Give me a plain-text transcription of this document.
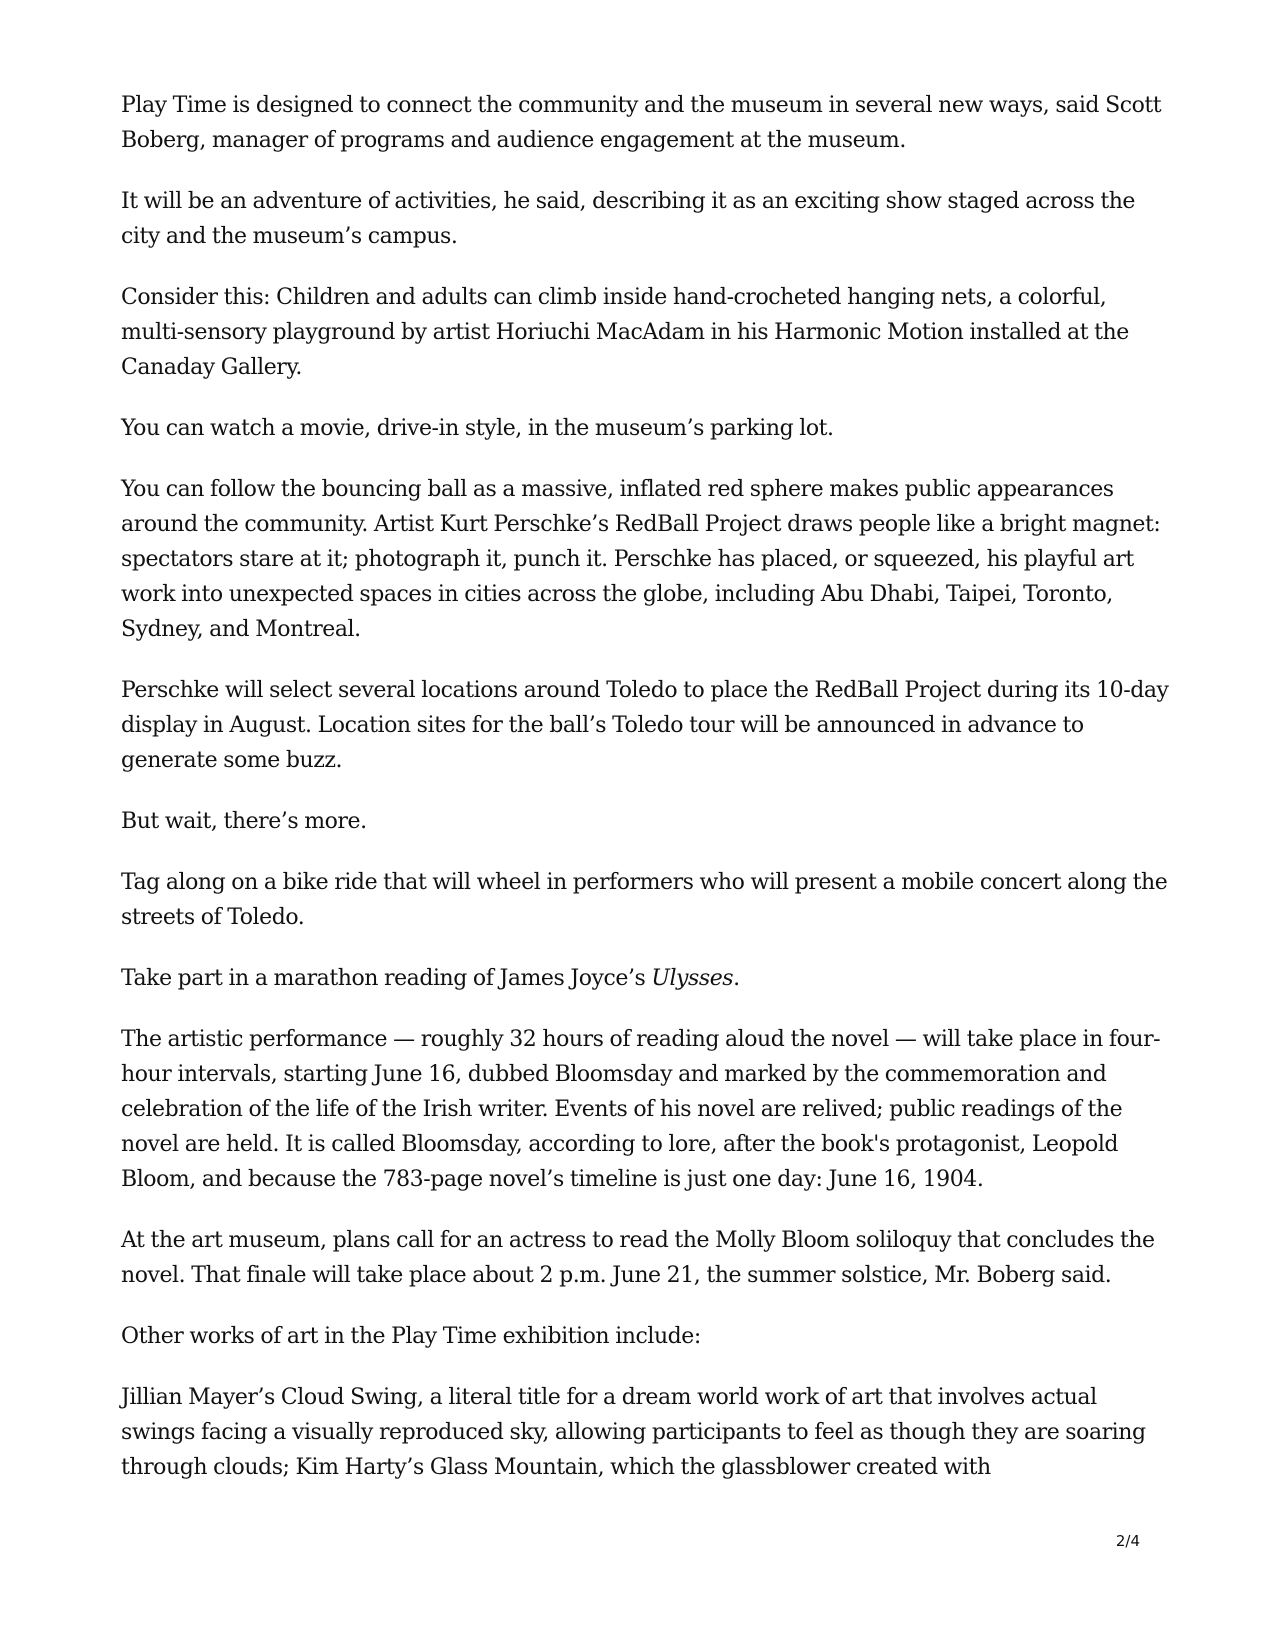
Play Time is designed to connect the community and the museum in several new ways, said Scott Boberg, manager of programs and audience engagement at the museum.

It will be an adventure of activities, he said, describing it as an exciting show staged across the city and the museum’s campus.

Consider this: Children and adults can climb inside hand-crocheted hanging nets, a colorful, multi-sensory playground by artist Horiuchi MacAdam in his Harmonic Motion installed at the Canaday Gallery.

You can watch a movie, drive-in style, in the museum’s parking lot.

You can follow the bouncing ball as a massive, inflated red sphere makes public appearances around the community. Artist Kurt Perschke’s RedBall Project draws people like a bright magnet: spectators stare at it; photograph it, punch it. Perschke has placed, or squeezed, his playful art work into unexpected spaces in cities across the globe, including Abu Dhabi, Taipei, Toronto, Sydney, and Montreal.

Perschke will select several locations around Toledo to place the RedBall Project during its 10-day display in August. Location sites for the ball’s Toledo tour will be announced in advance to generate some buzz.

But wait, there’s more.

Tag along on a bike ride that will wheel in performers who will present a mobile concert along the streets of Toledo.

Take part in a marathon reading of James Joyce’s Ulysses.

The artistic performance — roughly 32 hours of reading aloud the novel — will take place in four-hour intervals, starting June 16, dubbed Bloomsday and marked by the commemoration and celebration of the life of the Irish writer. Events of his novel are relived; public readings of the novel are held. It is called Bloomsday, according to lore, after the book's protagonist, Leopold Bloom, and because the 783-page novel’s timeline is just one day: June 16, 1904.

At the art museum, plans call for an actress to read the Molly Bloom soliloquy that concludes the novel. That finale will take place about 2 p.m. June 21, the summer solstice, Mr. Boberg said.

Other works of art in the Play Time exhibition include:

Jillian Mayer’s Cloud Swing, a literal title for a dream world work of art that involves actual swings facing a visually reproduced sky, allowing participants to feel as though they are soaring through clouds; Kim Harty’s Glass Mountain, which the glassblower created with

2/4
